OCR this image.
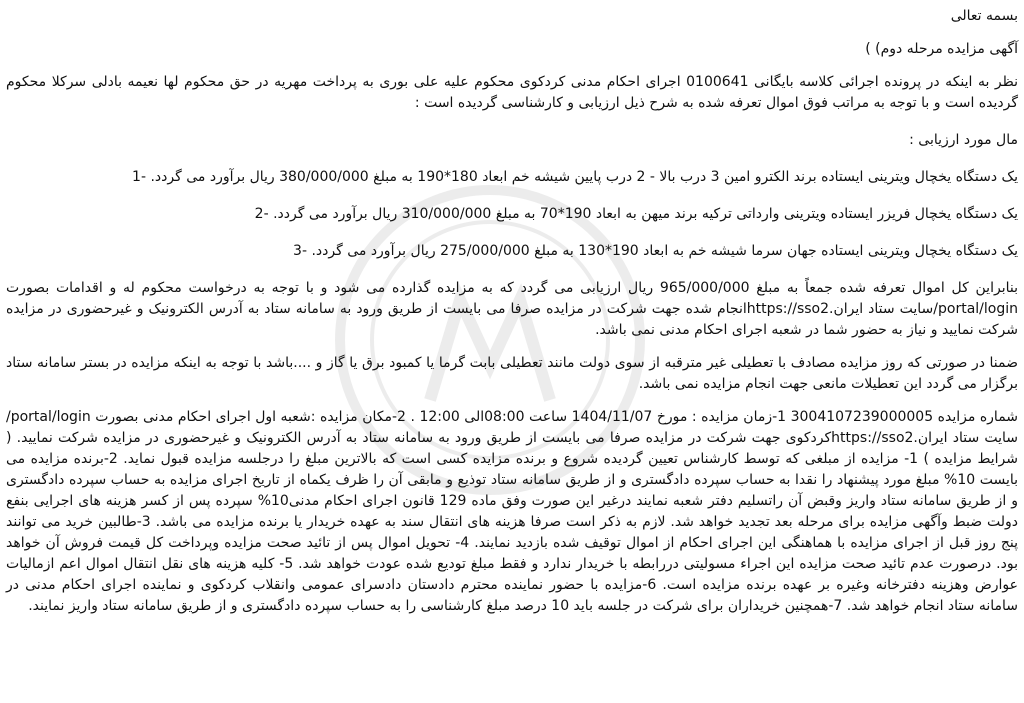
بسمه تعالی

آگهی مزایده مرحله دوم) )

نظر به اینکه در پرونده اجرائی کلاسه بایگانی 0100641 اجرای احکام مدنی کردکوی محکوم علیه علی بوری به پرداخت مهریه در حق محکوم لها نعیمه بادلی سرکلا محکوم گردیده است و با توجه به مراتب فوق اموال تعرفه شده به شرح ذیل ارزیابی و کارشناسی گردیده است :

مال مورد ارزیابی :

یک دستگاه یخچال ویترینی ایستاده برند الکترو امین 3 درب بالا - 2 درب پایین شیشه خم ابعاد 180*190 به مبلغ 380/000/000 ریال برآورد می گردد. -1

یک دستگاه یخچال فریزر ایستاده ویترینی وارداتی ترکیه برند میهن به ابعاد 190*70 به مبلغ 310/000/000 ریال برآورد می گردد. -2

یک دستگاه یخچال ویترینی ایستاده جهان سرما شیشه خم به ابعاد 190*130 به مبلغ 275/000/000 ریال برآورد می گردد. -3

بنابراین کل اموال تعرفه شده جمعاً به مبلغ 965/000/000 ریال ارزیابی می گردد که به مزایده گذارده می شود و با توجه به درخواست محکوم له و اقدامات بصورت portal/login/سایت ستاد ایران.https://sso2انجام شده جهت شرکت در مزایده صرفا می بایست از طریق ورود به سامانه ستاد به آدرس الکترونیک و غیرحضوری در مزایده شرکت نمایید و نیاز به حضور شما در شعبه اجرای احکام مدنی نمی باشد.

ضمنا در صورتی که روز مزایده مصادف با تعطیلی غیر مترقبه از سوی دولت مانند تعطیلی بابت گرما یا کمبود برق یا گاز و ....باشد با توجه به اینکه مزایده در بستر سامانه ستاد برگزار می گردد این تعطیلات مانعی جهت انجام مزایده نمی باشد.

شماره مزایده 3004107239000005 1-زمان مزایده : مورخ 1404/11/07 ساعت 08:00الی 12:00 . 2-مکان مزایده :شعبه اول اجرای احکام مدنی بصورت portal/login/سایت ستاد ایران.https://sso2کردکوی جهت شرکت در مزایده صرفا می بایست از طریق ورود به سامانه ستاد به آدرس الکترونیک و غیرحضوری در مزایده شرکت نمایید. ( شرایط مزایده ) 1- مزایده از مبلغی که توسط کارشناس تعیین گردیده شروع و برنده مزایده کسی است که بالاترین مبلغ را درجلسه مزایده قبول نماید. 2-برنده مزایده می بایست 10% مبلغ مورد پیشنهاد را نقدا به حساب سپرده دادگستری و از طریق سامانه ستاد توذیع و مابقی آن را ظرف یکماه از تاریخ اجرای مزایده به حساب سپرده دادگستری و از طریق سامانه ستاد واریز وقبض آن راتسلیم دفتر شعبه نمایند درغیر این صورت وفق ماده 129 قانون اجرای احکام مدنی10% سپرده پس از کسر هزینه های اجرایی بنفع دولت ضبط وآگهی مزایده برای مرحله بعد تجدید خواهد شد. لازم به ذکر است صرفا هزینه های انتقال سند به عهده خریدار یا برنده مزایده می باشد. 3-طالبین خرید می توانند پنج روز قبل از اجرای مزایده با هماهنگی این اجرای احکام از اموال توقیف شده بازدید نمایند. 4- تحویل اموال پس از تائید صحت مزایده وپرداخت کل قیمت فروش آن خواهد بود. درصورت عدم تائید صحت مزایده این اجراء مسولیتی دررابطه با خریدار ندارد و فقط مبلغ تودیع شده عودت خواهد شد. 5- کلیه هزینه های نقل انتقال اموال اعم ازمالیات عوارض وهزینه دفترخانه وغیره بر عهده برنده مزایده است. 6-مزایده با حضور نماینده محترم دادستان دادسرای عمومی وانقلاب کردکوی و نماینده اجرای احکام مدنی در سامانه ستاد انجام خواهد شد. 7-همچنین خریداران برای شرکت در جلسه باید 10 درصد مبلغ کارشناسی را به حساب سپرده دادگستری و از طریق سامانه ستاد واریز نمایند.
